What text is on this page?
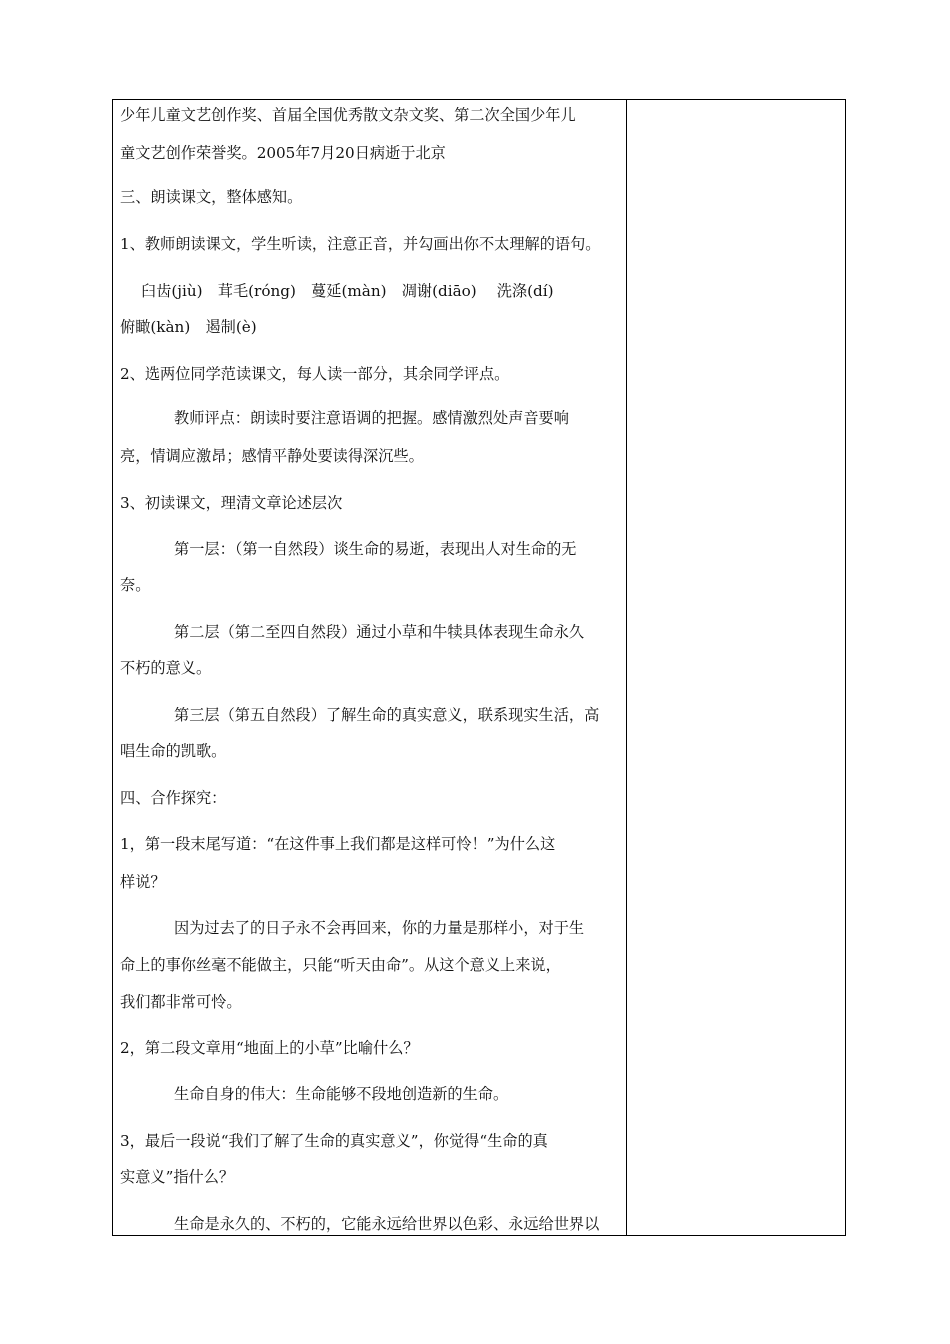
少年儿童文艺创作奖、首届全国优秀散文杂文奖、第二次全国少年儿
童文艺创作荣誉奖。2005年7月20日病逝于北京
三、朗读课文，整体感知。
1、教师朗读课文，学生听读，注意正音，并勾画出你不太理解的语句。
臼齿(jiù)　茸毛(róng)　蔓延(màn)　凋谢(diāo)　 洗涤(dí)
俯瞰(kàn)　遏制(è)
2、选两位同学范读课文，每人读一部分，其余同学评点。
教师评点：朗读时要注意语调的把握。感情激烈处声音要响
亮，情调应激昂；感情平静处要读得深沉些。
3、初读课文，理清文章论述层次
第一层：（第一自然段）谈生命的易逝，表现出人对生命的无
奈。
第二层（第二至四自然段）通过小草和牛犊具体表现生命永久
不朽的意义。
第三层（第五自然段）了解生命的真实意义，联系现实生活，高
唱生命的凯歌。
四、合作探究：
1，第一段末尾写道：“在这件事上我们都是这样可怜！”为什么这
样说？
因为过去了的日子永不会再回来，你的力量是那样小，对于生
命上的事你丝毫不能做主，只能“听天由命”。从这个意义上来说，
我们都非常可怜。
2，第二段文章用“地面上的小草”比喻什么？
生命自身的伟大：生命能够不段地创造新的生命。
3，最后一段说“我们了解了生命的真实意义”，你觉得“生命的真
实意义”指什么？
生命是永久的、不朽的，它能永远给世界以色彩、永远给世界以
